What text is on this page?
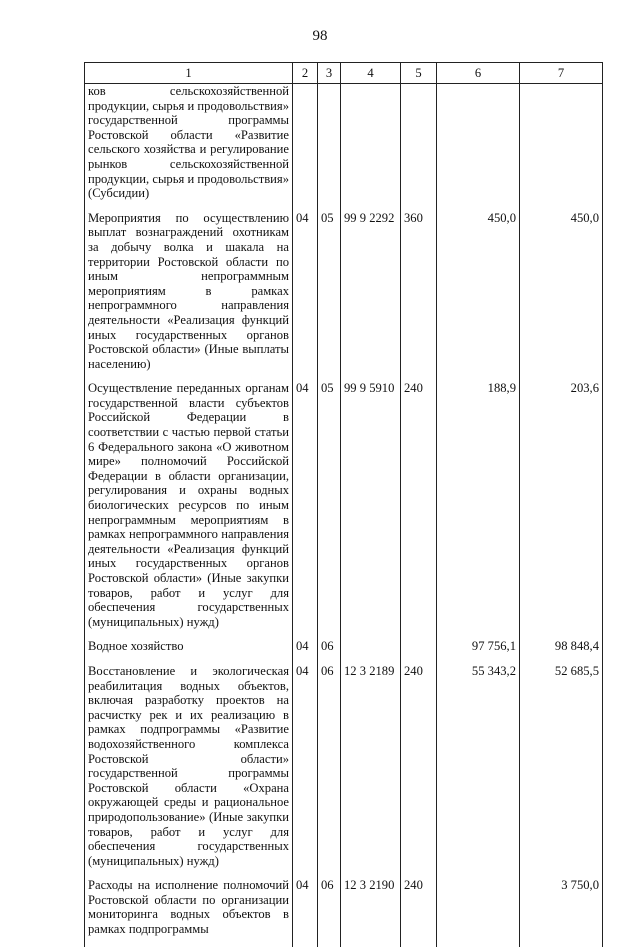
98
1	2	3	4	5	6	7
ков сельскохозяйственной продукции, сырья и продовольствия» государственной программы Ростовской области «Развитие сельского хозяйства и регулирование рынков сельскохозяйственной продукции, сырья и продовольствия» (Субсидии)						
Мероприятия по осуществлению выплат вознаграждений охотникам за добычу волка и шакала на территории Ростовской области по иным непрограммным мероприятиям в рамках непрограммного направления деятельности «Реализация функций иных государственных органов Ростовской области» (Иные выплаты населению)	04	05	99 9 2292	360	450,0	450,0
Осуществление переданных органам государственной власти субъектов Российской Федерации в соответствии с частью первой статьи 6 Федерального закона «О животном мире» полномочий Российской Федерации в области организации, регулирования и охраны водных биологических ресурсов по иным непрограммным мероприятиям в рамках непрограммного направления деятельности «Реализация функций иных государственных органов Ростовской области» (Иные закупки товаров, работ и услуг для обеспечения государственных (муниципальных) нужд)	04	05	99 9 5910	240	188,9	203,6
Водное хозяйство	04	06			97 756,1	98 848,4
Восстановление и экологическая реабилитация водных объектов, включая разработку проектов на расчистку рек и их реализацию в рамках подпрограммы «Развитие водохозяйственного комплекса Ростовской области» государственной программы Ростовской области «Охрана окружающей среды и рациональное природопользование» (Иные закупки товаров, работ и услуг для обеспечения государственных (муниципальных) нужд)	04	06	12 3 2189	240	55 343,2	52 685,5
Расходы на исполнение полномочий Ростовской области по организации мониторинга водных объектов в рамках подпрограммы	04	06	12 3 2190	240		3 750,0
